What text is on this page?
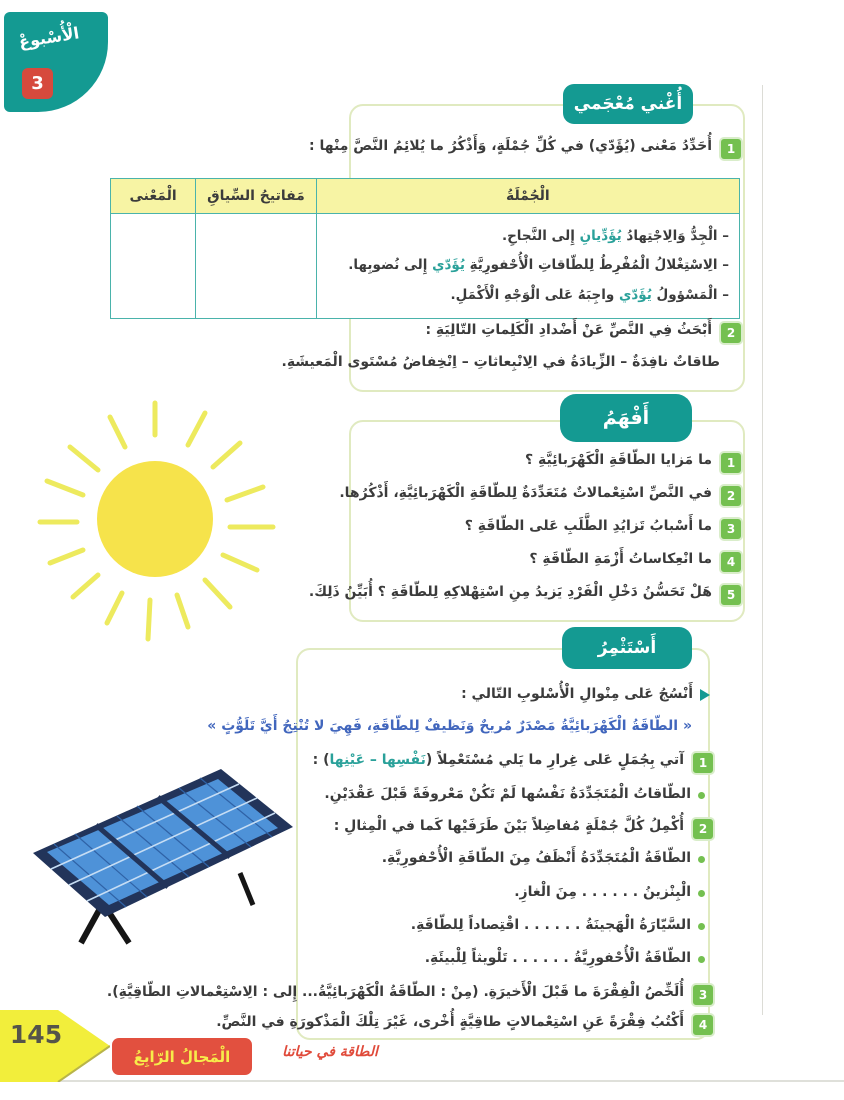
الْأُسْبوعْ
3
أُغْني مُعْجَمي
1
أُحَدِّدُ مَعْنى (يُؤَدّي) في كُلِّ جُمْلَةٍ، وَأَذْكُرُ ما يُلائِمُ النَّصَّ مِنْها :
الْجُمْلَةُ	مَفاتيحُ السِّياقِ	الْمَعْنى

– الْجِدُّ وَالِاجْتِهادُ يُؤَدِّيانِ إِلى النَّجاحِ.
– الِاسْتِغْلالُ الْمُفْرِطُ لِلطّاقاتِ الْأُحْفورِيَّةِ يُؤَدّي إِلى نُضوبِها.
– الْمَسْؤولُ يُؤَدّي واجِبَهُ عَلى الْوَجْهِ الْأَكْمَلِ.		

2
أَبْحَثُ فِي النَّصِّ عَنْ أَضْدادِ الْكَلِماتِ التّالِيَةِ :
طاقاتٌ نافِدَةٌ – الزِّيادَةُ في الِانْبِعاثاتِ – اِنْخِفاضُ مُسْتَوى الْمَعيشَةِ.
أَفْهَمُ
1
ما مَزايا الطّاقَةِ الْكَهْرَبائِيَّةِ ؟
2
في النَّصِّ اسْتِعْمالاتٌ مُتَعَدِّدَةٌ لِلطّاقَةِ الْكَهْرَبائِيَّةِ، أَذْكُرُها.
3
ما أَسْبابُ تَزايُدِ الطَّلَبِ عَلى الطّاقَةِ ؟
4
ما انْعِكاساتُ أَزْمَةِ الطّاقَةِ ؟
5
هَلْ تَحَسُّنُ دَخْلِ الْفَرْدِ يَزيدُ مِنِ اسْتِهْلاكِهِ لِلطّاقَةِ ؟ أُبَيِّنُ ذَلِكَ.
أَسْتَثْمِرُ
أَنْسُجُ عَلى مِنْوالِ الْأُسْلوبِ التّالي :
« الطّاقَةُ الْكَهْرَبائِيَّةُ مَصْدَرٌ مُريحٌ وَنَظيفٌ لِلطّاقَةِ، فَهِيَ لا تُنْتِجُ أَيَّ تَلَوُّثٍ »
1
آتي بِجُمَلٍ عَلى غِرارِ ما يَلي مُسْتَعْمِلاً (نَفْسِها – عَيْنِها) :
الطّاقاتُ الْمُتَجَدِّدَةُ نَفْسُها لَمْ تَكُنْ مَعْروفَةً قَبْلَ عَقْدَيْنِ.
2
أُكْمِلُ كُلَّ جُمْلَةٍ مُفاضِلاً بَيْنَ طَرَفَيْها كَما في الْمِثالِ :
الطّاقَةُ الْمُتَجَدِّدَةُ أَنْظَفُ مِنَ الطّاقَةِ الْأُحْفورِيَّةِ.
الْبِنْزينُ . . . . . . مِنَ الْغازِ.
السَّيّارَةُ الْهَجينَةُ . . . . . . اقْتِصاداً لِلطّاقَةِ.
الطّاقَةُ الْأُحْفورِيَّةُ . . . . . . تَلْويثاً لِلْبيئَةِ.
3
أُلَخِّصُ الْفِقْرَةَ ما قَبْلَ الْأَخيرَةِ. (مِنْ : الطّاقَةُ الْكَهْرَبائِيَّةُ... إِلى : الِاسْتِعْمالاتِ الطّاقِيَّةِ).
4
أَكْتُبُ فِقْرَةً عَنِ اسْتِعْمالاتٍ طاقِيَّةٍ أُخْرى، غَيْرَ تِلْكَ الْمَذْكورَةِ في النَّصِّ.
145
الْمَجالُ الرّابِعُ	الطاقة في حياتنا
